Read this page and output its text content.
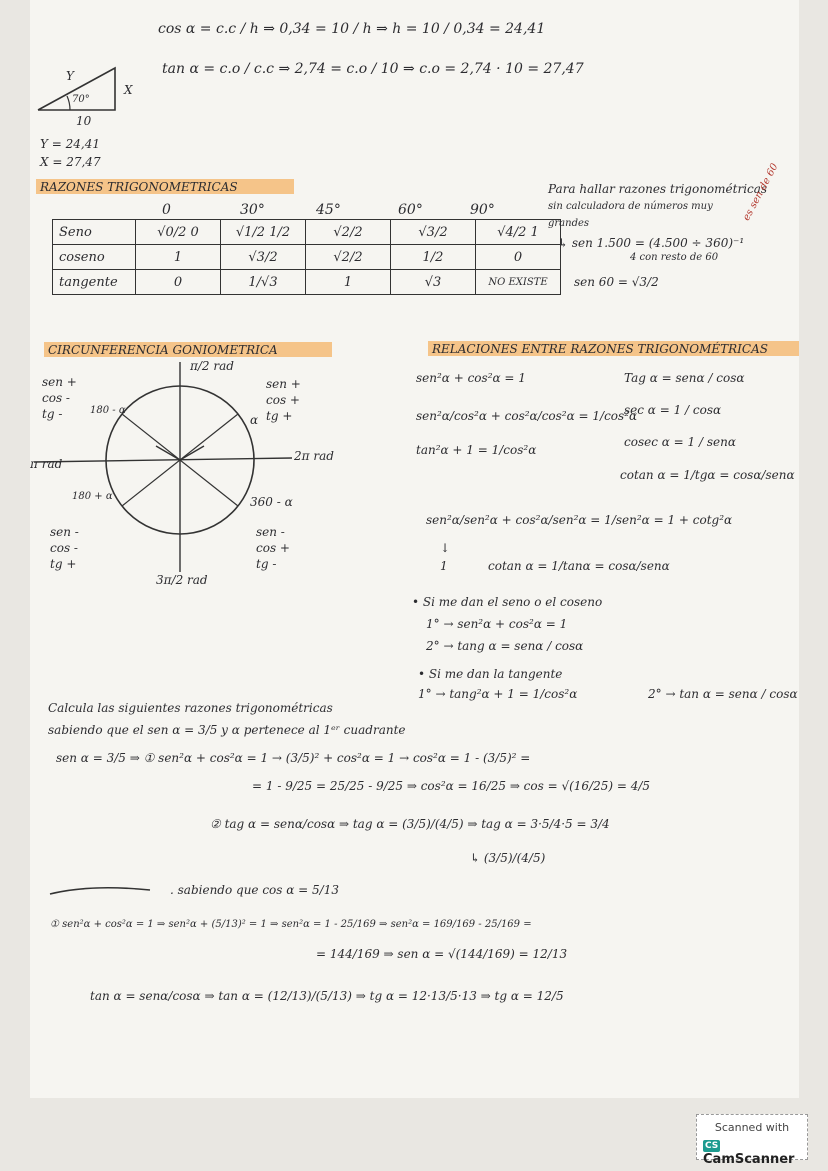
cos α = c.c / h ⇒ 0,34 = 10 / h ⇒ h = 10 / 0,34 = 24,41
tan α = c.o / c.c ⇒ 2,74 = c.o / 10 ⇒ c.o = 2,74 · 10 = 27,47
Y
X
70°
10
Y = 24,41
X = 27,47
RAZONES TRIGONOMETRICAS
0	30°	45°	60°	90°
Seno	√0/2 0	√1/2 1/2	√2/2	√3/2	√4/2 1
coseno	1	√3/2	√2/2	1/2	0
tangente	0	1/√3	1	√3	NO EXISTE
Para hallar razones trigonométricas
sin calculadora de números muy
grandes
↳ sen 1.500 = (4.500 ÷ 360)⁻¹
4 con resto de 60
es sen de 60
sen 60 = √3/2
CIRCUNFERENCIA GONIOMETRICA
π/2 rad
π rad
2π rad
3π/2 rad
180 - α
α
180 + α	360 - α
sen +
cos -
tg -
sen +
cos +
tg +
sen -
cos -
tg +
sen -
cos +
tg -
RELACIONES ENTRE RAZONES TRIGONOMÉTRICAS
sen²α + cos²α = 1
sen²α/cos²α + cos²α/cos²α = 1/cos²α
tan²α + 1 = 1/cos²α
Tag α = senα / cosα
sec α = 1 / cosα
cosec α = 1 / senα
cotan α = 1/tgα = cosα/senα
sen²α/sen²α + cos²α/sen²α = 1/sen²α = 1 + cotg²α
↓
1	cotan α = 1/tanα = cosα/senα
• Si me dan el seno o el coseno
1° → sen²α + cos²α = 1
2° → tang α = senα / cosα
• Si me dan la tangente
1° → tang²α + 1 = 1/cos²α	2° → tan α = senα / cosα
Calcula las siguientes razones trigonométricas
sabiendo que el sen α = 3/5 y α pertenece al 1ᵉʳ cuadrante
sen α = 3/5 ⇒ ① sen²α + cos²α = 1 → (3/5)² + cos²α = 1 → cos²α = 1 - (3/5)² =
= 1 - 9/25 = 25/25 - 9/25 ⇒ cos²α = 16/25 ⇒ cos = √(16/25) = 4/5
② tag α = senα/cosα ⇒ tag α = (3/5)/(4/5) ⇒ tag α = 3·5/4·5 = 3/4
↳ (3/5)/(4/5)
. sabiendo que cos α = 5/13
① sen²α + cos²α = 1 ⇒ sen²α + (5/13)² = 1 ⇒ sen²α = 1 - 25/169 ⇒ sen²α = 169/169 - 25/169 =
= 144/169 ⇒ sen α = √(144/169) = 12/13
tan α = senα/cosα ⇒ tan α = (12/13)/(5/13) ⇒ tg α = 12·13/5·13 ⇒ tg α = 12/5
Scanned with
CSCamScanner
